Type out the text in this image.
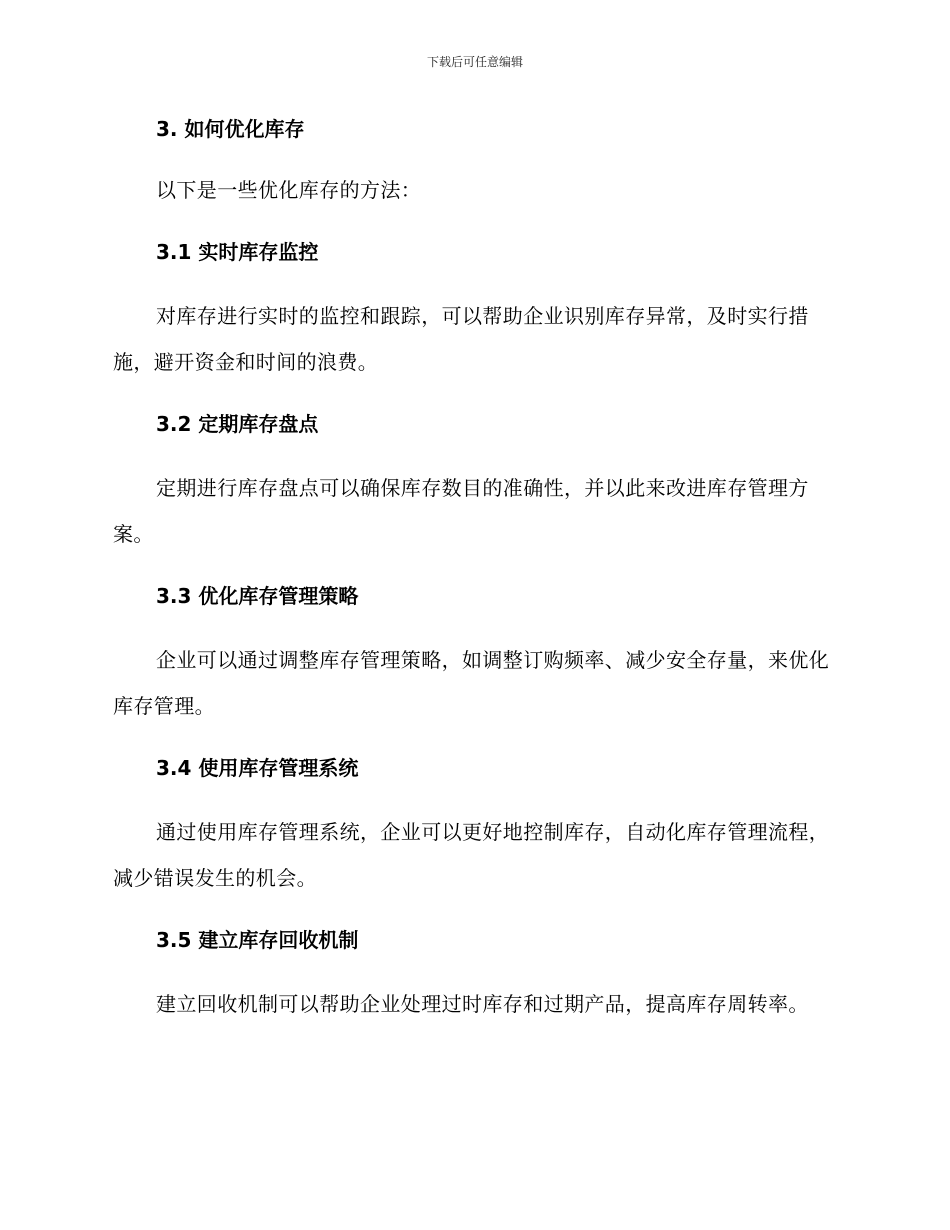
下载后可任意编辑
3. 如何优化库存

以下是一些优化库存的方法：

3.1 实时库存监控

对库存进行实时的监控和跟踪，可以帮助企业识别库存异常，及时实行措施，避开资金和时间的浪费。

3.2 定期库存盘点

定期进行库存盘点可以确保库存数目的准确性，并以此来改进库存管理方案。

3.3 优化库存管理策略

企业可以通过调整库存管理策略，如调整订购频率、减少安全存量，来优化库存管理。

3.4 使用库存管理系统

通过使用库存管理系统，企业可以更好地控制库存，自动化库存管理流程，减少错误发生的机会。

3.5 建立库存回收机制

建立回收机制可以帮助企业处理过时库存和过期产品，提高库存周转率。
